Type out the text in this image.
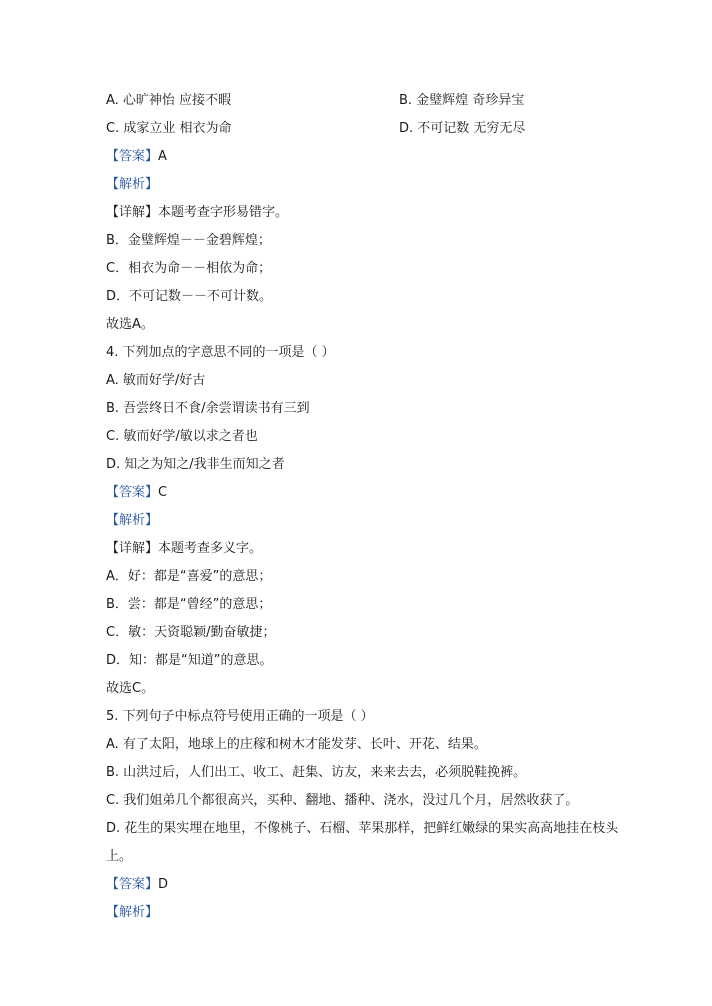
A. 心旷神怡 应接不暇	B. 金璧辉煌 奇珍异宝
C. 成家立业 相衣为命	D. 不可记数 无穷无尽
【答案】A
【解析】
【详解】本题考查字形易错字。
B．金璧辉煌－－金碧辉煌；
C．相衣为命－－相依为命；
D．不可记数－－不可计数。
故选A。
4. 下列加点的字意思不同的一项是（ ）
A. 敏而好学/好古
B. 吾尝终日不食/余尝谓读书有三到
C. 敏而好学/敏以求之者也
D. 知之为知之/我非生而知之者
【答案】C
【解析】
【详解】本题考查多义字。
A．好：都是“喜爱”的意思；
B．尝：都是“曾经”的意思；
C．敏：天资聪颖/勤奋敏捷；
D．知：都是“知道”的意思。
故选C。
5. 下列句子中标点符号使用正确的一项是（ ）
A. 有了太阳，地球上的庄稼和树木才能发芽、长叶、开花、结果。
B. 山洪过后，人们出工、收工、赶集、访友，来来去去，必须脱鞋挽裤。
C. 我们姐弟几个都很高兴，买种、翻地、播种、浇水，没过几个月，居然收获了。
D. 花生的果实埋在地里，不像桃子、石榴、苹果那样，把鲜红嫩绿的果实高高地挂在枝头
上。
【答案】D
【解析】
